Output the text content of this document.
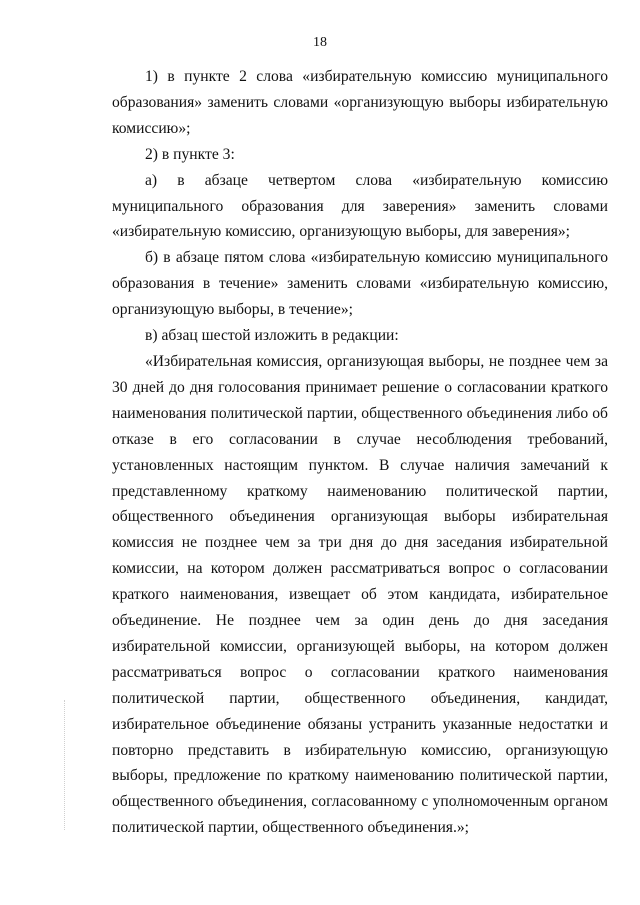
18

1) в пункте 2 слова «избирательную комиссию муниципального образования» заменить словами «организующую выборы избирательную комиссию»;

2) в пункте 3:

а) в абзаце четвертом слова «избирательную комиссию муниципального образования для заверения» заменить словами «избирательную комиссию, организующую выборы, для заверения»;

б) в абзаце пятом слова «избирательную комиссию муниципального образования в течение» заменить словами «избирательную комиссию, организующую выборы, в течение»;

в) абзац шестой изложить в редакции:

«Избирательная комиссия, организующая выборы, не позднее чем за 30 дней до дня голосования принимает решение о согласовании краткого наименования политической партии, общественного объединения либо об отказе в его согласовании в случае несоблюдения требований, установленных настоящим пунктом. В случае наличия замечаний к представленному краткому наименованию политической партии, общественного объединения организующая выборы избирательная комиссия не позднее чем за три дня до дня заседания избирательной комиссии, на котором должен рассматриваться вопрос о согласовании краткого наименования, извещает об этом кандидата, избирательное объединение. Не позднее чем за один день до дня заседания избирательной комиссии, организующей выборы, на котором должен рассматриваться вопрос о согласовании краткого наименования политической партии, общественного объединения, кандидат, избирательное объединение обязаны устранить указанные недостатки и повторно представить в избирательную комиссию, организующую выборы, предложение по краткому наименованию политической партии, общественного объединения, согласованному с уполномоченным органом политической партии, общественного объединения.»;
